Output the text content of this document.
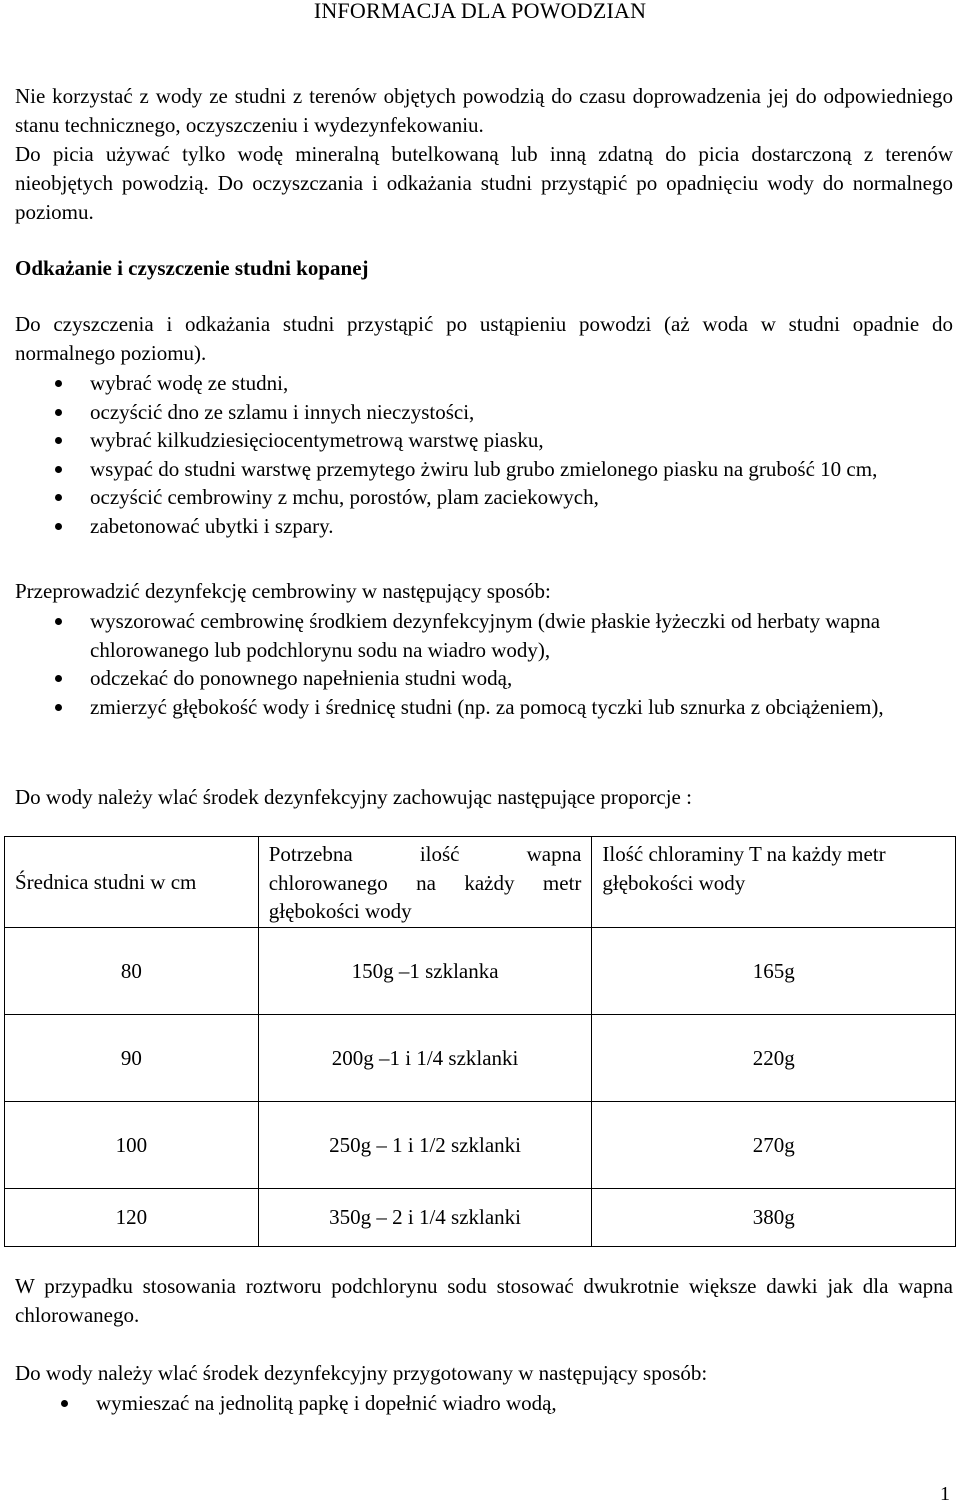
INFORMACJA DLA POWODZIAN

Nie korzystać z wody ze studni z terenów objętych powodzią do czasu doprowadzenia jej do odpowiedniego stanu technicznego, oczyszczeniu i wydezynfekowaniu.
Do picia używać tylko wodę mineralną butelkowaną lub inną zdatną do picia dostarczoną z terenów nieobjętych powodzią. Do oczyszczania i odkażania studni przystąpić po opadnięciu wody do normalnego poziomu.

Odkażanie i czyszczenie studni kopanej

Do czyszczenia i odkażania studni przystąpić po ustąpieniu powodzi (aż woda w studni opadnie do normalnego poziomu).

wybrać wodę ze studni,
oczyścić dno ze szlamu i innych nieczystości,
wybrać kilkudziesięciocentymetrową warstwę piasku,
wsypać do studni warstwę przemytego żwiru lub grubo zmielonego piasku na grubość 10 cm,
oczyścić cembrowiny z mchu, porostów, plam zaciekowych,
zabetonować ubytki i szpary.

Przeprowadzić dezynfekcję cembrowiny w następujący sposób:

wyszorować cembrowinę środkiem dezynfekcyjnym (dwie płaskie łyżeczki od herbaty wapna chlorowanego lub podchlorynu sodu na wiadro wody),
odczekać do ponownego napełnienia studni wodą,
zmierzyć głębokość wody i średnicę studni (np. za pomocą tyczki lub sznurka z obciążeniem),

Do wody należy wlać środek dezynfekcyjny zachowując następujące proporcje :

Średnica studni w cm	Potrzebna ilość wapna chlorowanego na każdy metr głębokości wody	Ilość chloraminy T na każdy metr głębokości wody
80	150g –1 szklanka	165g
90	200g –1 i 1/4 szklanki	220g
100	250g – 1 i 1/2 szklanki	270g
120	350g – 2 i 1/4 szklanki	380g

W przypadku stosowania roztworu podchlorynu sodu stosować dwukrotnie większe dawki jak dla wapna chlorowanego.

Do wody należy wlać środek dezynfekcyjny przygotowany w następujący sposób:

wymieszać na jednolitą papkę i dopełnić wiadro wodą,
1
